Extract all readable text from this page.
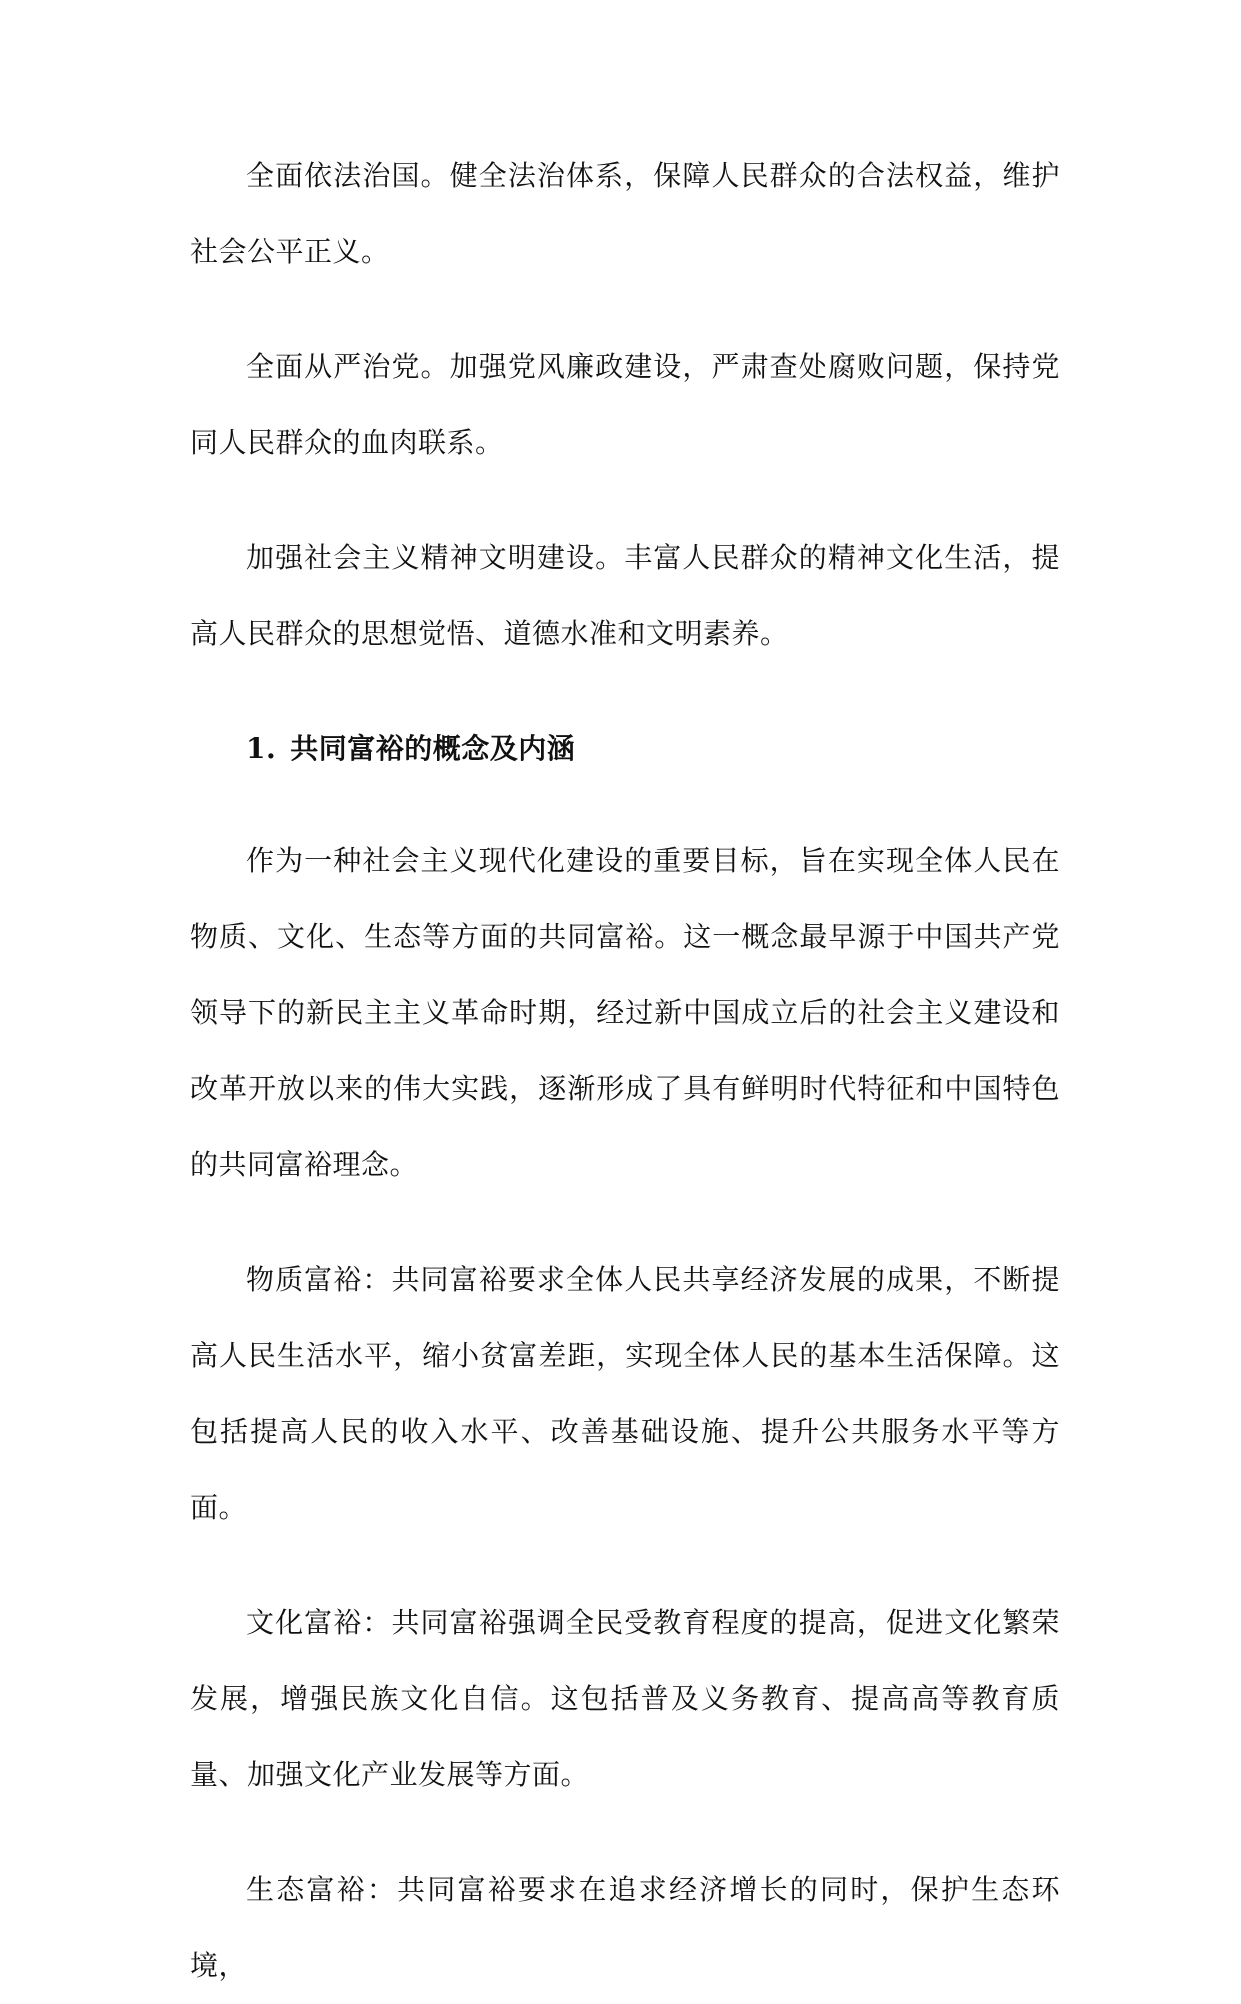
全面依法治国。健全法治体系，保障人民群众的合法权益，维护社会公平正义。

全面从严治党。加强党风廉政建设，严肃查处腐败问题，保持党同人民群众的血肉联系。

加强社会主义精神文明建设。丰富人民群众的精神文化生活，提高人民群众的思想觉悟、道德水准和文明素养。

1. 共同富裕的概念及内涵

作为一种社会主义现代化建设的重要目标，旨在实现全体人民在物质、文化、生态等方面的共同富裕。这一概念最早源于中国共产党领导下的新民主主义革命时期，经过新中国成立后的社会主义建设和改革开放以来的伟大实践，逐渐形成了具有鲜明时代特征和中国特色的共同富裕理念。

物质富裕：共同富裕要求全体人民共享经济发展的成果，不断提高人民生活水平，缩小贫富差距，实现全体人民的基本生活保障。这包括提高人民的收入水平、改善基础设施、提升公共服务水平等方面。

文化富裕：共同富裕强调全民受教育程度的提高，促进文化繁荣发展，增强民族文化自信。这包括普及义务教育、提高高等教育质量、加强文化产业发展等方面。

生态富裕：共同富裕要求在追求经济增长的同时，保护生态环境，
